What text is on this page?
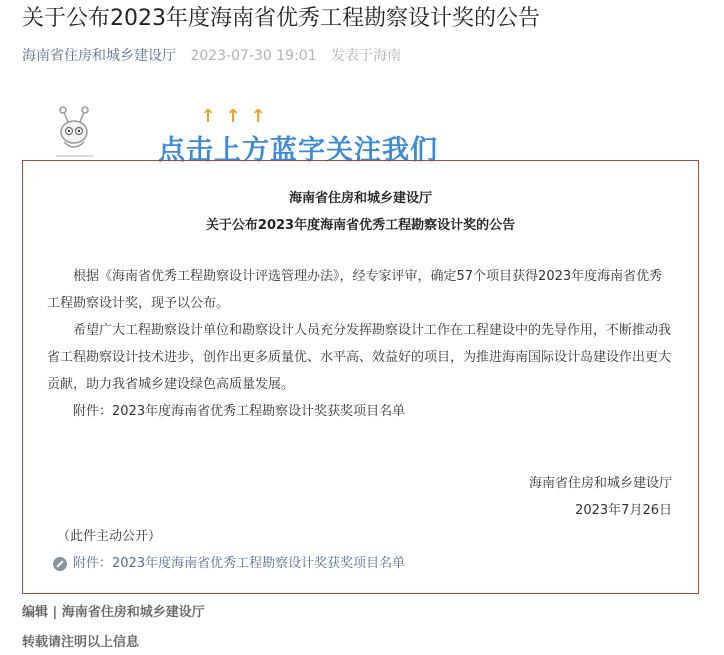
关于公布2023年度海南省优秀工程勘察设计奖的公告
海南省住房和城乡建设厅 2023-07-30 19:01 发表于海南
↑ ↑ ↑
点击上方蓝字关注我们
海南省住房和城乡建设厅
关于公布2023年度海南省优秀工程勘察设计奖的公告

根据《海南省优秀工程勘察设计评选管理办法》，经专家评审，确定57个项目获得2023年度海南省优秀工程勘察设计奖，现予以公布。

希望广大工程勘察设计单位和勘察设计人员充分发挥勘察设计工作在工程建设中的先导作用，不断推动我省工程勘察设计技术进步，创作出更多质量优、水平高、效益好的项目，为推进海南国际设计岛建设作出更大贡献，助力我省城乡建设绿色高质量发展。

附件：2023年度海南省优秀工程勘察设计奖获奖项目名单
海南省住房和城乡建设厅
2023年7月26日
（此件主动公开）
附件：2023年度海南省优秀工程勘察设计奖获奖项目名单
编辑 | 海南省住房和城乡建设厅
转载请注明以上信息
